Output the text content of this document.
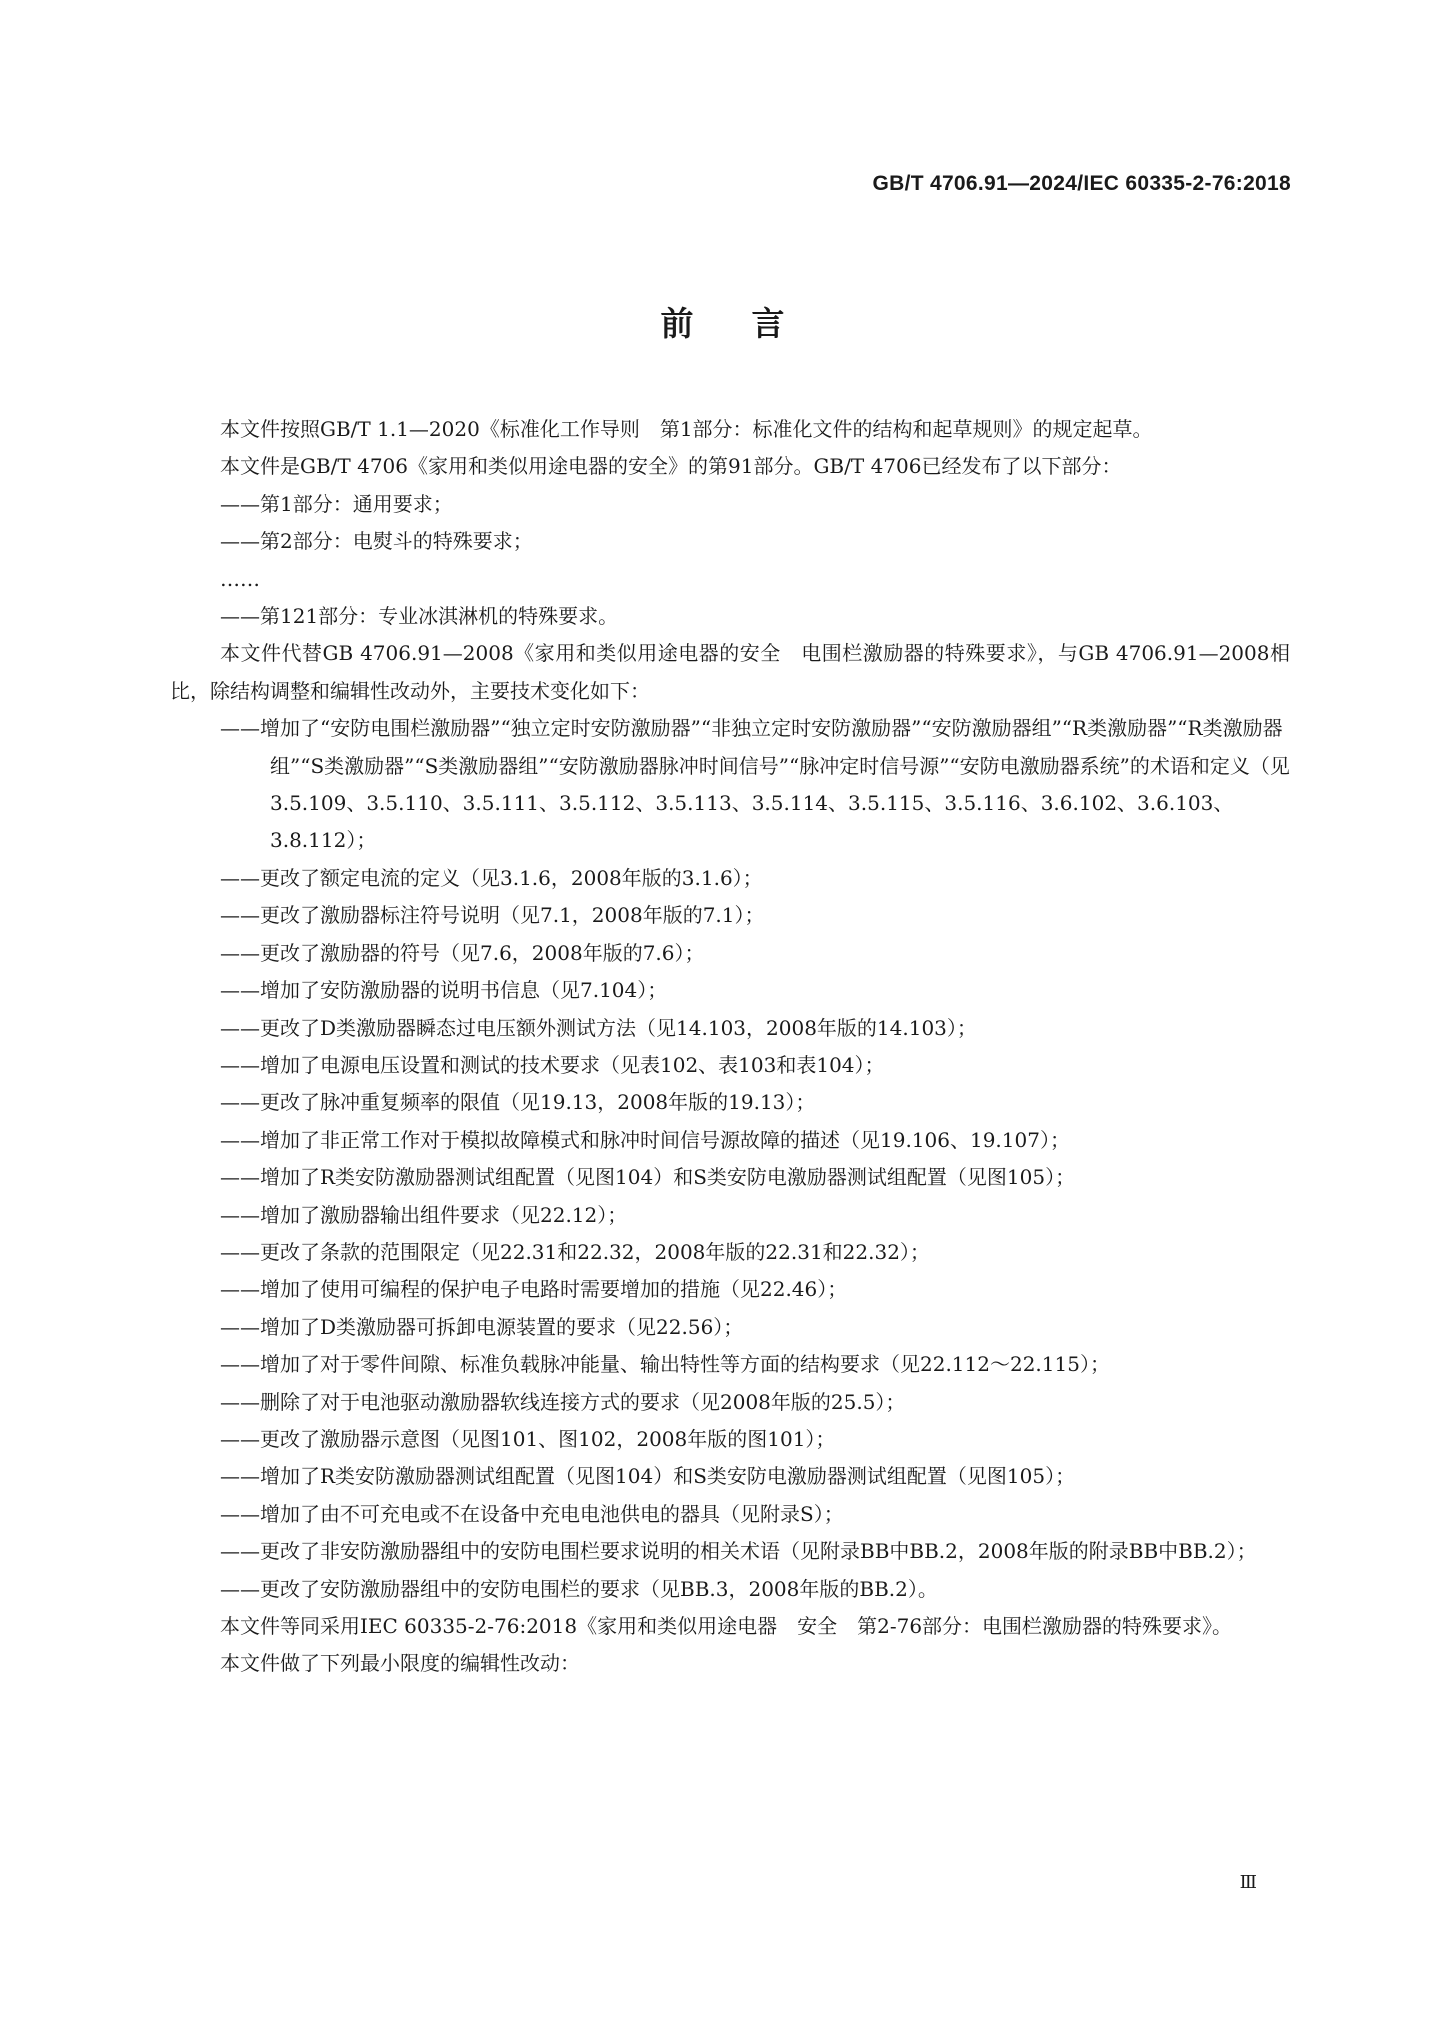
GB/T 4706.91—2024/IEC 60335-2-76:2018
前言

本文件按照GB/T 1.1—2020《标准化工作导则　第1部分：标准化文件的结构和起草规则》的规定起草。

本文件是GB/T 4706《家用和类似用途电器的安全》的第91部分。GB/T 4706已经发布了以下部分：

——第1部分：通用要求；

——第2部分：电熨斗的特殊要求；

……

——第121部分：专业冰淇淋机的特殊要求。

本文件代替GB 4706.91—2008《家用和类似用途电器的安全　电围栏激励器的特殊要求》，与GB 4706.91—2008相比，除结构调整和编辑性改动外，主要技术变化如下：

——增加了“安防电围栏激励器”“独立定时安防激励器”“非独立定时安防激励器”“安防激励器组”“R类激励器”“R类激励器组”“S类激励器”“S类激励器组”“安防激励器脉冲时间信号”“脉冲定时信号源”“安防电激励器系统”的术语和定义（见3.5.109、3.5.110、3.5.111、3.5.112、3.5.113、3.5.114、3.5.115、3.5.116、3.6.102、3.6.103、3.8.112）；

——更改了额定电流的定义（见3.1.6，2008年版的3.1.6）；

——更改了激励器标注符号说明（见7.1，2008年版的7.1）；

——更改了激励器的符号（见7.6，2008年版的7.6）；

——增加了安防激励器的说明书信息（见7.104）；

——更改了D类激励器瞬态过电压额外测试方法（见14.103，2008年版的14.103）；

——增加了电源电压设置和测试的技术要求（见表102、表103和表104）；

——更改了脉冲重复频率的限值（见19.13，2008年版的19.13）；

——增加了非正常工作对于模拟故障模式和脉冲时间信号源故障的描述（见19.106、19.107）；

——增加了R类安防激励器测试组配置（见图104）和S类安防电激励器测试组配置（见图105）；

——增加了激励器输出组件要求（见22.12）；

——更改了条款的范围限定（见22.31和22.32，2008年版的22.31和22.32）；

——增加了使用可编程的保护电子电路时需要增加的措施（见22.46）；

——增加了D类激励器可拆卸电源装置的要求（见22.56）；

——增加了对于零件间隙、标准负载脉冲能量、输出特性等方面的结构要求（见22.112～22.115）；

——删除了对于电池驱动激励器软线连接方式的要求（见2008年版的25.5）；

——更改了激励器示意图（见图101、图102，2008年版的图101）；

——增加了R类安防激励器测试组配置（见图104）和S类安防电激励器测试组配置（见图105）；

——增加了由不可充电或不在设备中充电电池供电的器具（见附录S）；

——更改了非安防激励器组中的安防电围栏要求说明的相关术语（见附录BB中BB.2，2008年版的附录BB中BB.2）；

——更改了安防激励器组中的安防电围栏的要求（见BB.3，2008年版的BB.2）。

本文件等同采用IEC 60335-2-76:2018《家用和类似用途电器　安全　第2-76部分：电围栏激励器的特殊要求》。

本文件做了下列最小限度的编辑性改动：

Ⅲ
